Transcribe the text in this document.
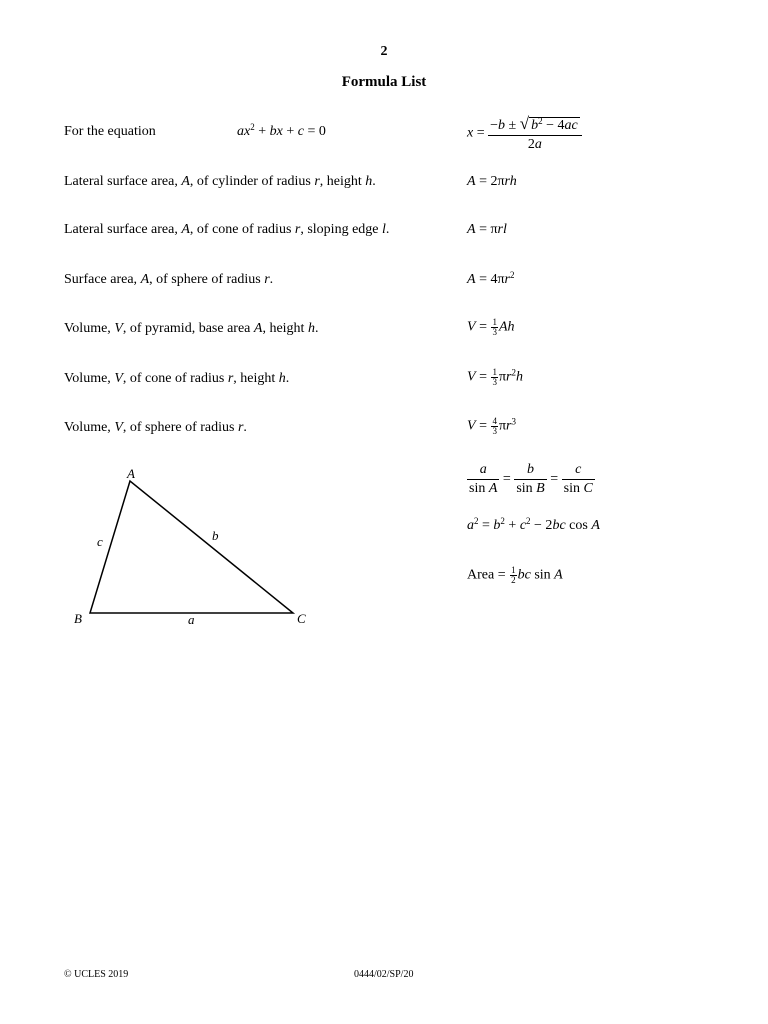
2
Formula List
For the equation	$ax^2$ + bx + c = 0	$x = \frac{-b \pm √ b^2 - 4ac}{2a}$
Lateral surface area, A, of cylinder of radius r, height h.	A = 2πrh
Lateral surface area, A, of cone of radius r, sloping edge l.	A = πrl
Surface area, A, of sphere of radius r.	$A = 4\pi r^2$
Volume, V, of pyramid, base area A, height h.	$V = \frac{1}{3}$ Ah
Volume, V, of cone of radius r, height h.	$V = \frac{1}{3} \pi r^2h$
Volume, V, of sphere of radius r.	$V = \frac{4}{3} \pi r^3$
A
B	C
a
b
c
$\frac{a}{\text{sin A}} = \frac{b}{\text{sin B}} = \frac{c}{\text{sin C}}$
$a^2 = b^2 + c^2 - 2bc$ cos A
Area = $\frac{1}{2}$ bc sin A
© UCLES 2019	0444/02/SP/20
